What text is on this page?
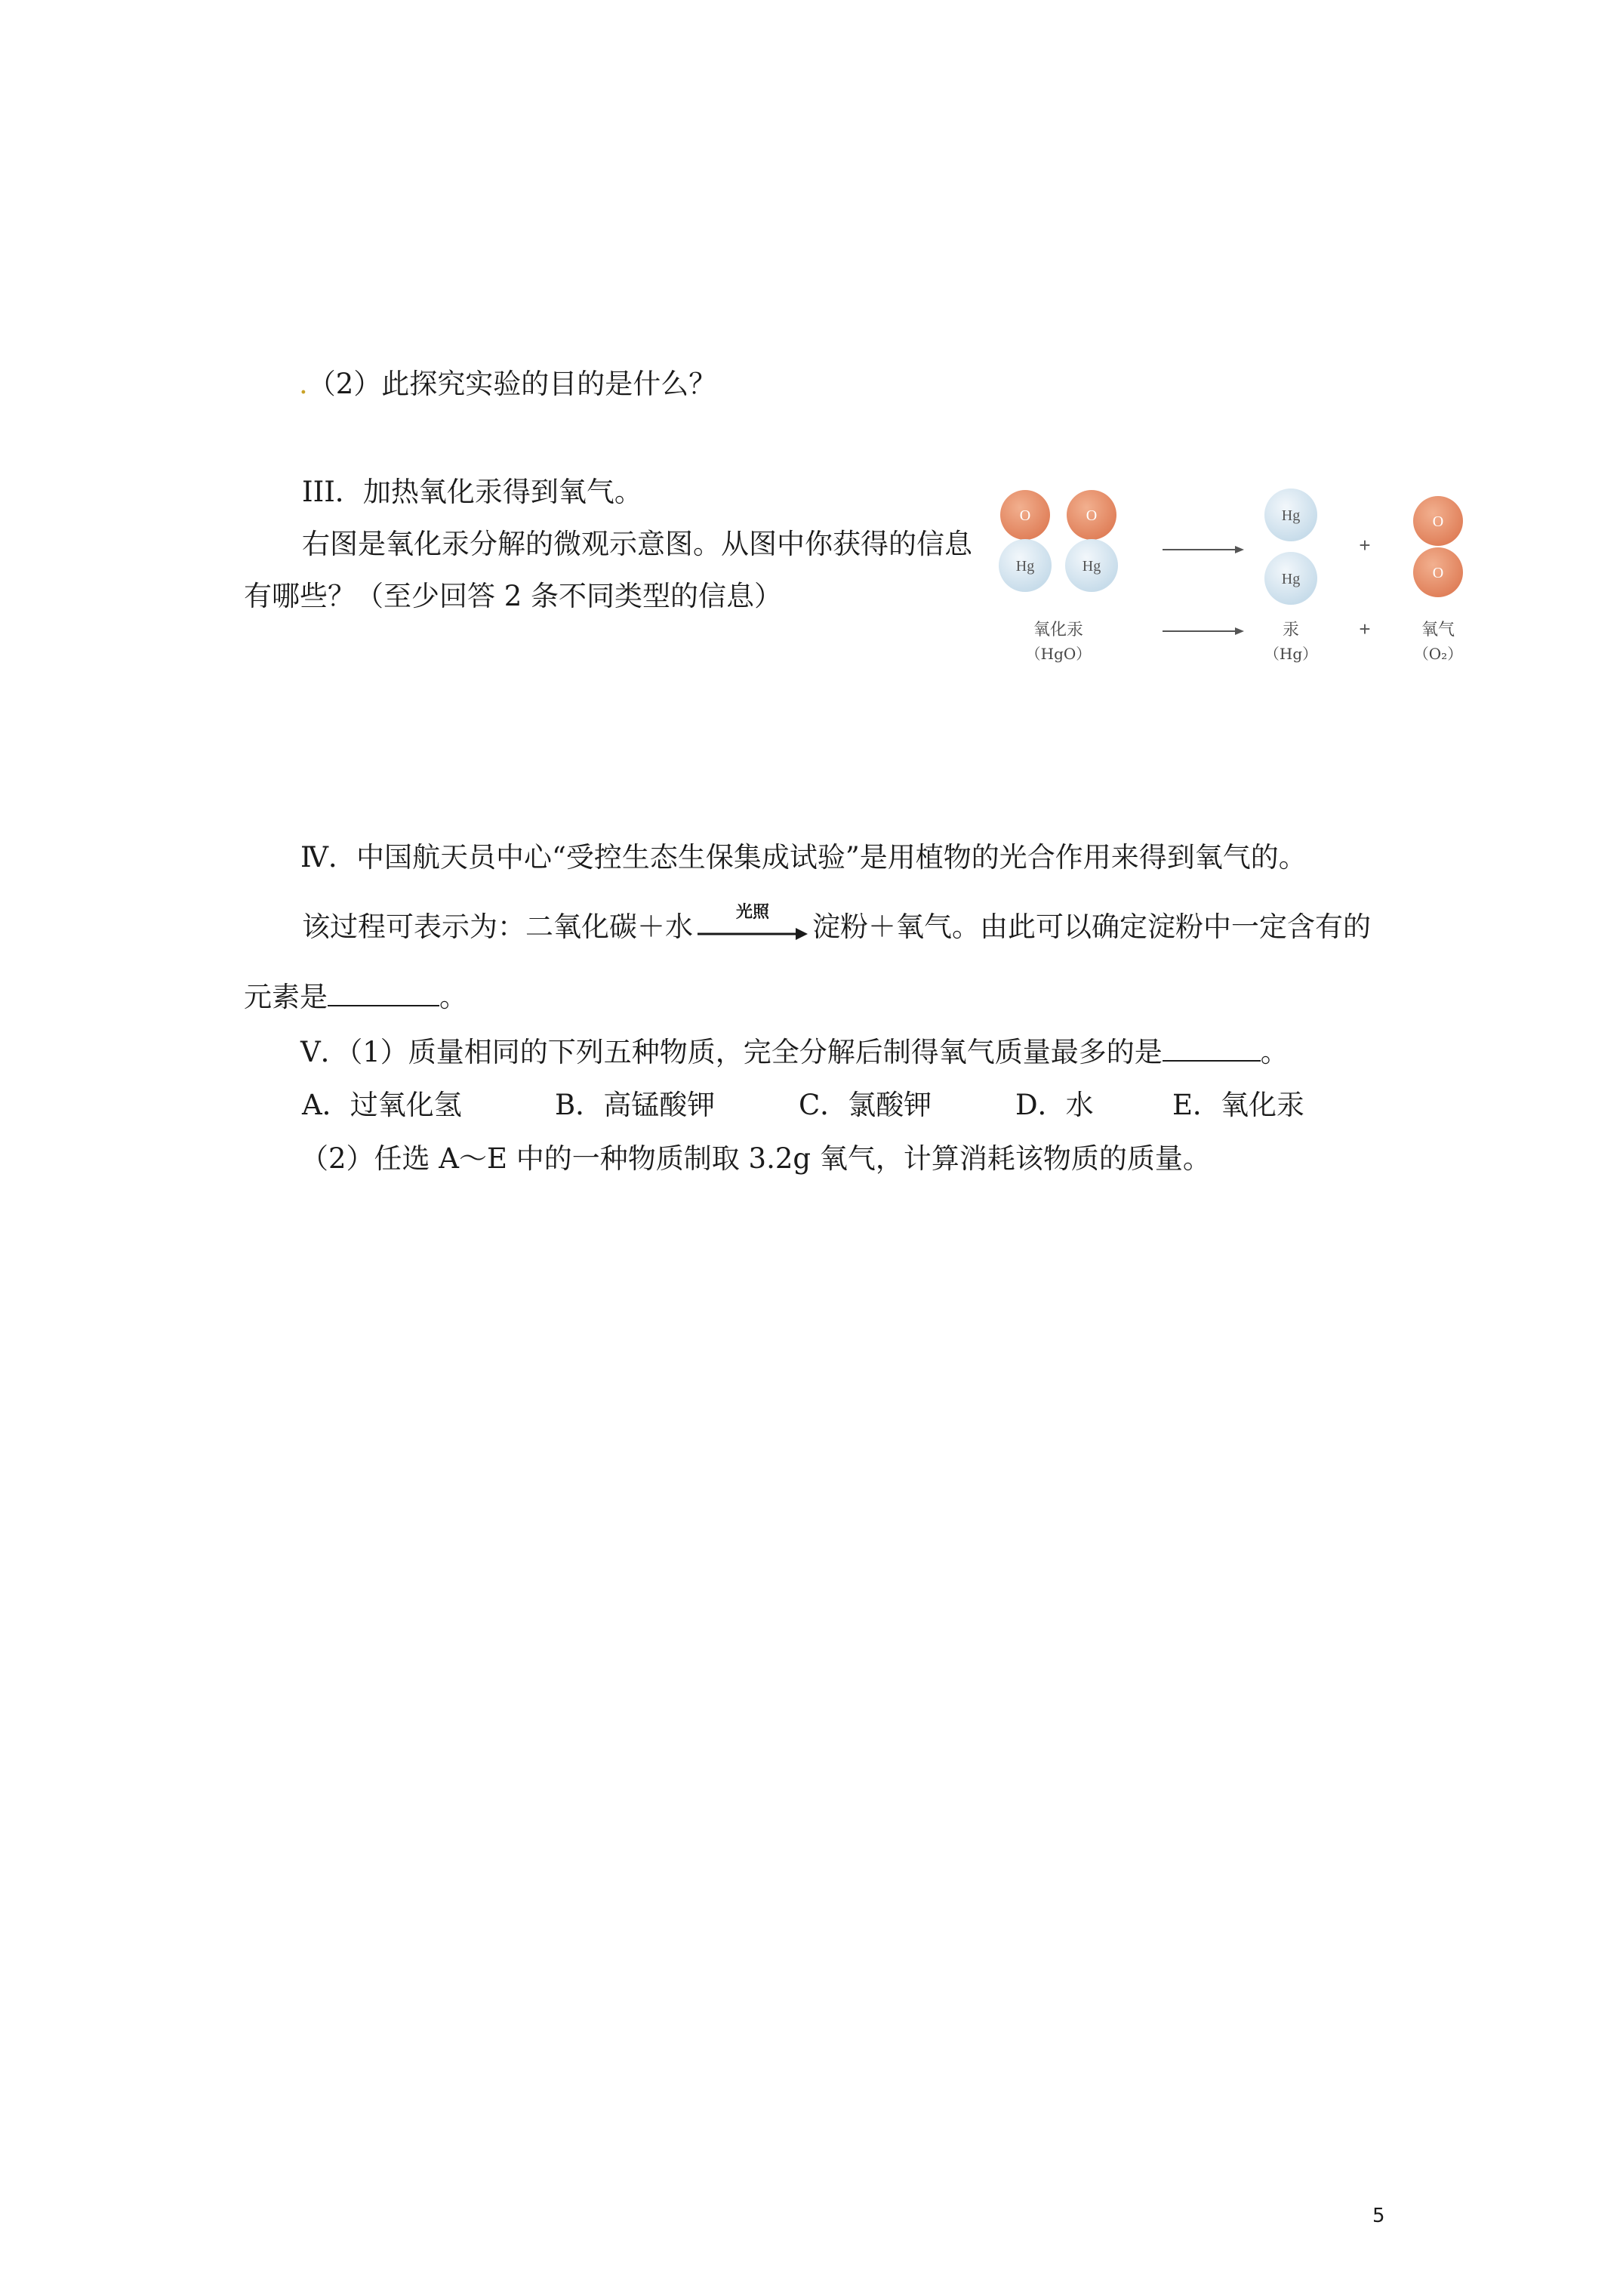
.（2）此探究实验的目的是什么？
III．加热氧化汞得到氧气。
右图是氧化汞分解的微观示意图。从图中你获得的信息
有哪些？（至少回答 2 条不同类型的信息）
O
Hg
O
Hg
Hg
Hg
+
O
O
氧化汞
（HgO）
汞
（Hg）
+	氧气
（O₂）
Ⅳ．中国航天员中心“受控生态生保集成试验”是用植物的光合作用来得到氧气的。
该过程可表示为：二氧化碳＋水	光照	淀粉＋氧气。由此可以确定淀粉中一定含有的
元素是	。
Ⅴ．（1）质量相同的下列五种物质，完全分解后制得氧气质量最多的是	。
A．过氧化氢	B．高锰酸钾	C．氯酸钾	D．水	E．氧化汞
（2）任选 A～E 中的一种物质制取 3.2g 氧气，计算消耗该物质的质量。
5
